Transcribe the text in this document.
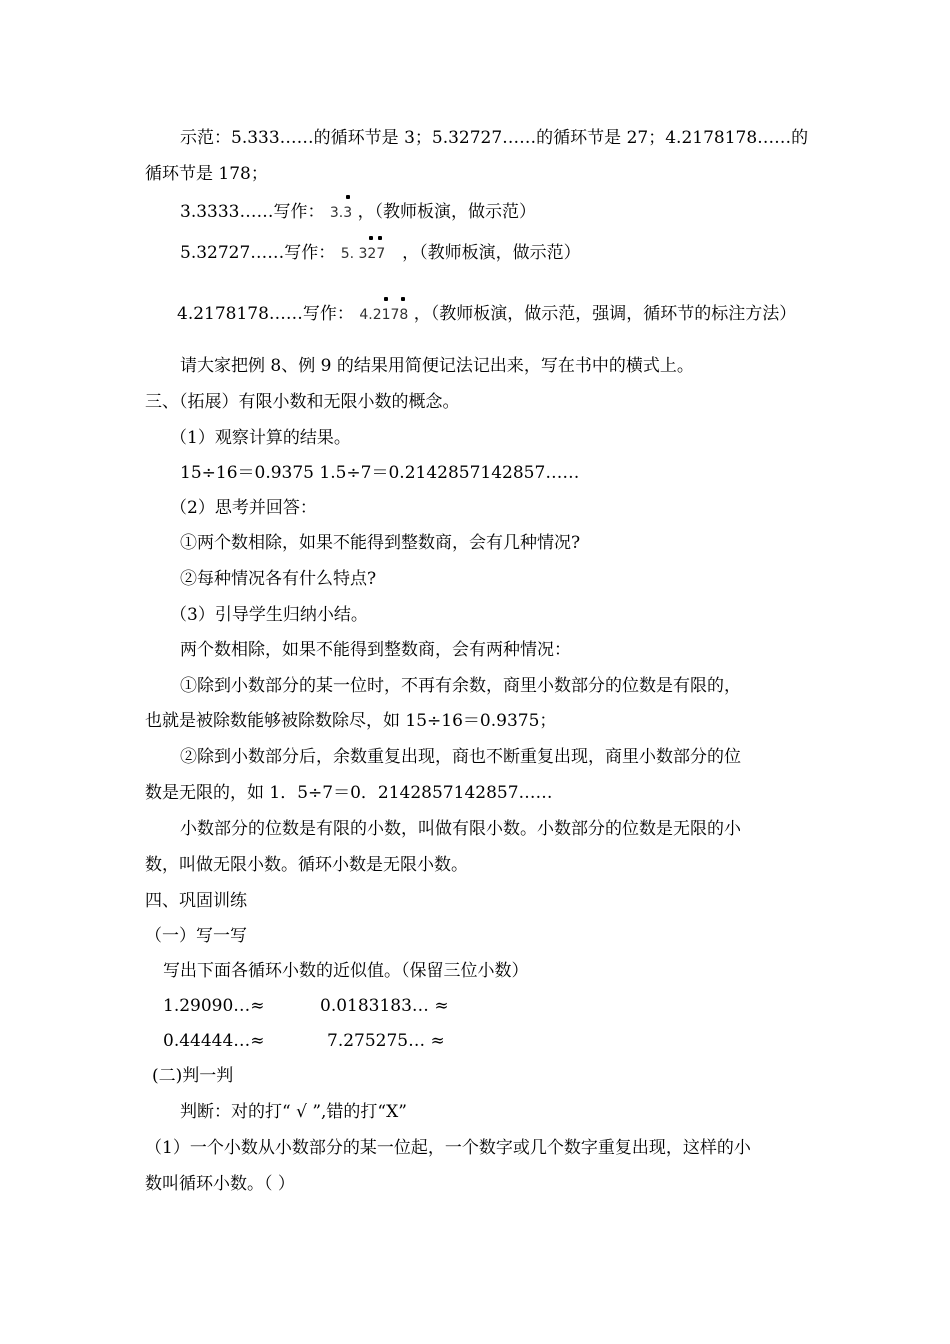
示范：5.333……的循环节是 3；5.32727……的循环节是 27；4.2178178……的
循环节是 178；
3.3333……写作： 3.3 ，（教师板演，做示范）
5.32727……写作： 5. 327 ，（教师板演，做示范）
4.2178178……写作： 4.2178 ，（教师板演，做示范，强调，循环节的标注方法）
请大家把例 8、例 9 的结果用简便记法记出来，写在书中的横式上。
三、（拓展）有限小数和无限小数的概念。
（1）观察计算的结果。
15÷16＝0.9375 1.5÷7＝0.2142857142857……
（2）思考并回答：
①两个数相除，如果不能得到整数商，会有几种情况?
②每种情况各有什么特点?
（3）引导学生归纳小结。
两个数相除，如果不能得到整数商，会有两种情况：
①除到小数部分的某一位时，不再有余数，商里小数部分的位数是有限的，
也就是被除数能够被除数除尽，如 15÷16＝0.9375；
②除到小数部分后，余数重复出现，商也不断重复出现，商里小数部分的位
数是无限的，如 1．5÷7＝0．2142857142857……
小数部分的位数是有限的小数，叫做有限小数。小数部分的位数是无限的小
数，叫做无限小数。循环小数是无限小数。
四、巩固训练
（一）写一写
写出下面各循环小数的近似值。（保留三位小数）
1.29090…≈	0.0183183… ≈
0.44444…≈	7.275275… ≈
(二)判一判
判断：对的打“ √ ”,错的打“X”
（1）一个小数从小数部分的某一位起，一个数字或几个数字重复出现，这样的小
数叫循环小数。（ ）
